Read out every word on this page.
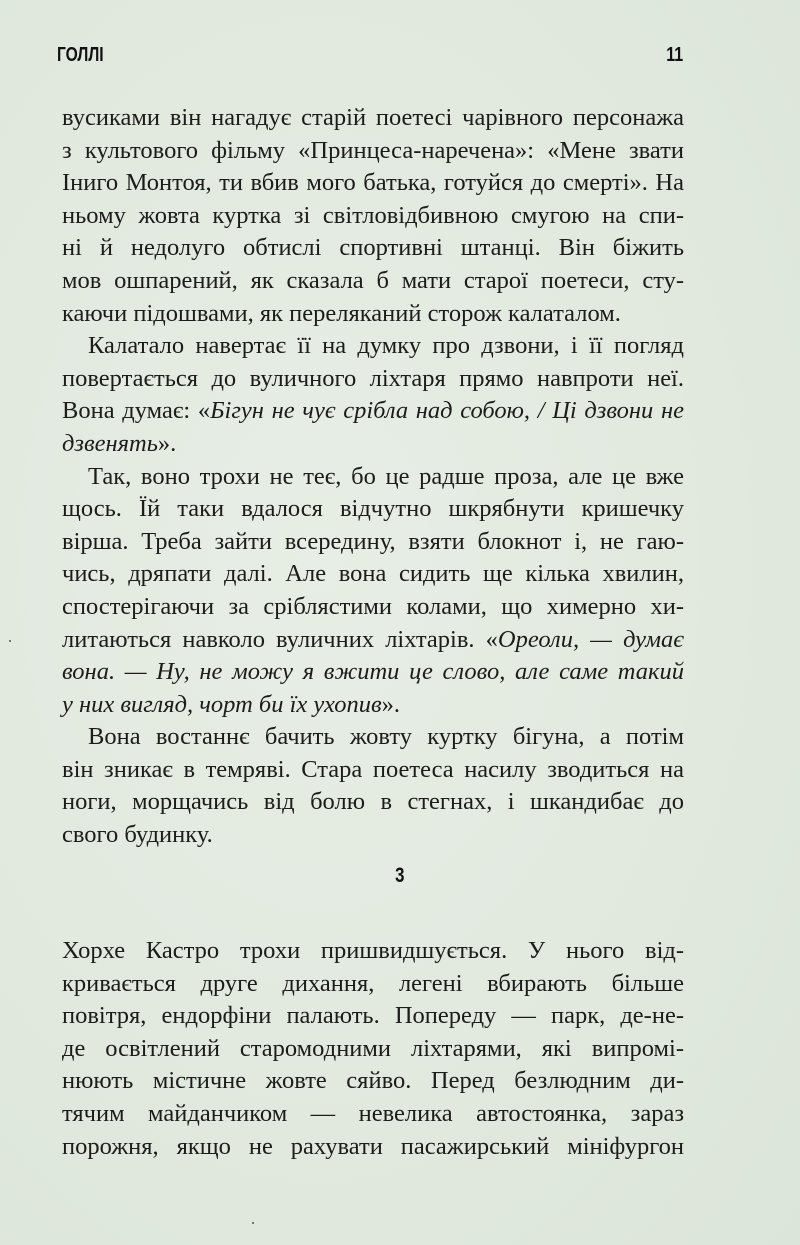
ГОЛЛІ	11
вусиками він нагадує старій поетесі чарівного персонажа
з культового фільму «Принцеса-наречена»: «Мене звати
Іниго Монтоя, ти вбив мого батька, готуйся до смерті». На
ньому жовта куртка зі світловідбивною смугою на спи-
ні й недолуго обтислі спортивні штанці. Він біжить
мов ошпарений, як сказала б мати старої поетеси, сту-
каючи підошвами, як переляканий сторож калаталом.
Калатало навертає її на думку про дзвони, і її погляд
повертається до вуличного ліхтаря прямо навпроти неї.
Вона думає: «Бігун не чує срібла над собою, / Ці дзвони не
дзвенять».
Так, воно трохи не теє, бо це радше проза, але це вже
щось. Їй таки вдалося відчутно шкрябнути кришечку
вірша. Треба зайти всередину, взяти блокнот і, не гаю-
чись, дряпати далі. Але вона сидить ще кілька хвилин,
спостерігаючи за сріблястими колами, що химерно хи-
литаються навколо вуличних ліхтарів. «Ореоли, — думає
вона. — Ну, не можу я вжити це слово, але саме такий
у них вигляд, чорт би їх ухопив».
Вона востаннє бачить жовту куртку бігуна, а потім
він зникає в темряві. Стара поетеса насилу зводиться на
ноги, морщачись від болю в стегнах, і шкандибає до
свого будинку.
3
Хорхе Кастро трохи пришвидшується. У нього від-
кривається друге дихання, легені вбирають більше
повітря, ендорфіни палають. Попереду — парк, де-не-
де освітлений старомодними ліхтарями, які випромі-
нюють містичне жовте сяйво. Перед безлюдним ди-
тячим майданчиком — невелика автостоянка, зараз
порожня, якщо не рахувати пасажирський мініфургон
